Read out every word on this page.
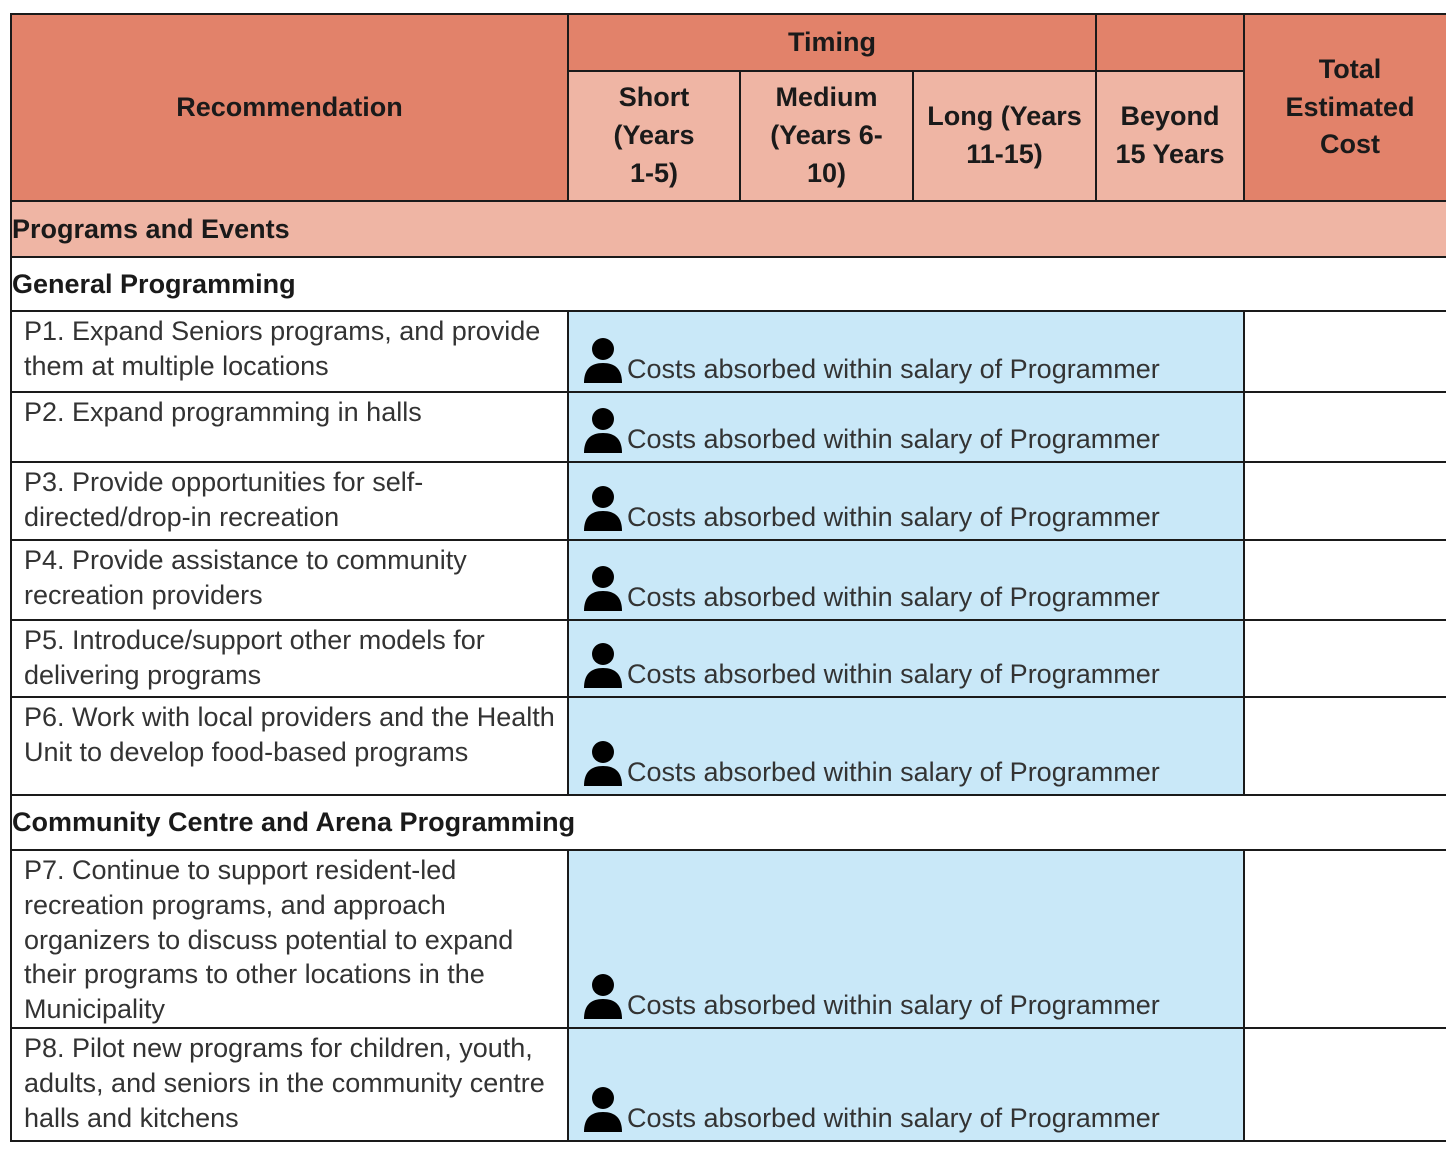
Recommendation	Timing				Total Estimated Cost

	Short (Years 1-5)	Medium (Years 6-10)	Long (Years 11-15)	Beyond 15 Years	

Programs and Events					
General Programming					
P1. Expand Seniors programs, and provide them at multiple locations	Costs absorbed within salary of Programmer				

P2. Expand programming in halls	Costs absorbed within salary of Programmer				

P3. Provide opportunities for self-directed/drop-in recreation	Costs absorbed within salary of Programmer				

P4. Provide assistance to community recreation providers	Costs absorbed within salary of Programmer				

P5. Introduce/support other models for delivering programs	Costs absorbed within salary of Programmer				

P6. Work with local providers and the Health Unit to develop food-based programs	Costs absorbed within salary of Programmer				

Community Centre and Arena Programming					
P7. Continue to support resident-led recreation programs, and approach organizers to discuss potential to expand their programs to other locations in the Municipality	Costs absorbed within salary of Programmer				

P8. Pilot new programs for children, youth, adults, and seniors in the community centre halls and kitchens	Costs absorbed within salary of Programmer				
